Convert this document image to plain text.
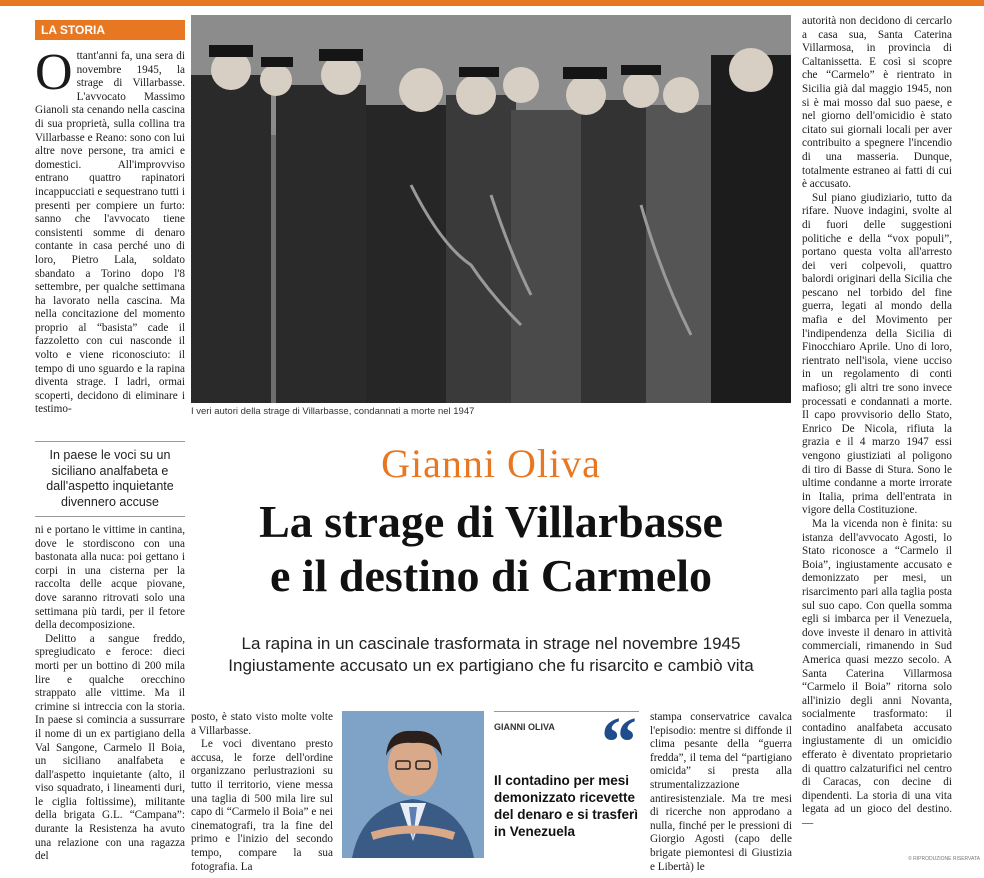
LA STORIA

Ottant'anni fa, una sera di novembre 1945, la strage di Villarbasse. L'avvocato Massimo Gianoli sta cenando nella cascina di sua proprietà, sulla collina tra Villarbasse e Reano: sono con lui altre nove persone, tra amici e domestici. All'improvviso entrano quattro rapinatori incappucciati e sequestrano tutti i presenti per compiere un furto: sanno che l'avvocato tiene consistenti somme di denaro contante in casa perché uno di loro, Pietro Lala, soldato sbandato a Torino dopo l'8 settembre, per qualche settimana ha lavorato nella cascina. Ma nella concitazione del momento proprio al “basista” cade il fazzoletto con cui nasconde il volto e viene riconosciuto: il tempo di uno sguardo e la rapina diventa strage. I ladri, ormai scoperti, decidono di eliminare i testimo-

In paese le voci su un siciliano analfabeta e dall'aspetto inquietante divennero accuse

ni e portano le vittime in cantina, dove le stordiscono con una bastonata alla nuca: poi gettano i corpi in una cisterna per la raccolta delle acque piovane, dove saranno ritrovati solo una settimana più tardi, per il fetore della decomposizione.

Delitto a sangue freddo, spregiudicato e feroce: dieci morti per un bottino di 200 mila lire e qualche orecchino strappato alle vittime. Ma il crimine si intreccia con la storia. In paese si comincia a sussurrare il nome di un ex partigiano della Val Sangone, Carmelo Il Boia, un siciliano analfabeta e dall'aspetto inquietante (alto, il viso squadrato, i lineamenti duri, le ciglia foltissime), militante della brigata G.L. “Campana”: durante la Resistenza ha avuto una relazione con una ragazza del

I veri autori della strage di Villarbasse, condannati a morte nel 1947
Gianni Oliva
La strage di Villarbasse
e il destino di Carmelo
La rapina in un cascinale trasformata in strage nel novembre 1945
Ingiustamente accusato un ex partigiano che fu risarcito e cambiò vita

posto, è stato visto molte volte a Villarbasse.

Le voci diventano presto accusa, le forze dell'ordine organizzano perlustrazioni su tutto il territorio, viene messa una taglia di 500 mila lire sul capo di “Carmelo il Boia” e nei cinematografi, tra la fine del primo e l'inizio del secondo tempo, compare la sua fotografia. La

GIANNI OLIVA “
Il contadino per mesi demonizzato ricevette del denaro e si trasferì in Venezuela

stampa conservatrice cavalca l'episodio: mentre si diffonde il clima pesante della “guerra fredda”, il tema del “partigiano omicida” si presta alla strumentalizzazione antiresistenziale. Ma tre mesi di ricerche non approdano a nulla, finché per le pressioni di Giorgio Agosti (capo delle brigate piemontesi di Giustizia e Libertà) le

autorità non decidono di cercarlo a casa sua, Santa Caterina Villarmosa, in provincia di Caltanissetta. E così si scopre che “Carmelo” è rientrato in Sicilia già dal maggio 1945, non si è mai mosso dal suo paese, e nel giorno dell'omicidio è stato citato sui giornali locali per aver contribuito a spegnere l'incendio di una masseria. Dunque, totalmente estraneo ai fatti di cui è accusato.

Sul piano giudiziario, tutto da rifare. Nuove indagini, svolte al di fuori delle suggestioni politiche e della “vox populi”, portano questa volta all'arresto dei veri colpevoli, quattro balordi originari della Sicilia che pescano nel torbido del fine guerra, legati al mondo della mafia e del Movimento per l'indipendenza della Sicilia di Finocchiaro Aprile. Uno di loro, rientrato nell'isola, viene ucciso in un regolamento di conti mafioso; gli altri tre sono invece processati e condannati a morte. Il capo provvisorio dello Stato, Enrico De Nicola, rifiuta la grazia e il 4 marzo 1947 essi vengono giustiziati al poligono di tiro di Basse di Stura. Sono le ultime condanne a morte irrorate in Italia, prima dell'entrata in vigore della Costituzione.

Ma la vicenda non è finita: su istanza dell'avvocato Agosti, lo Stato riconosce a “Carmelo il Boia”, ingiustamente accusato e demonizzato per mesi, un risarcimento pari alla taglia posta sul suo capo. Con quella somma egli si imbarca per il Venezuela, dove investe il denaro in attività commerciali, rimanendo in Sud America quasi mezzo secolo. A Santa Caterina Villarmosa “Carmelo il Boia” ritorna solo all'inizio degli anni Novanta, socialmente trasformato: il contadino analfabeta accusato ingiustamente di un omicidio efferato è diventato proprietario di quattro calzaturifici nel centro di Caracas, con decine di dipendenti. La storia di una vita legata ad un gioco del destino. —

© RIPRODUZIONE RISERVATA
